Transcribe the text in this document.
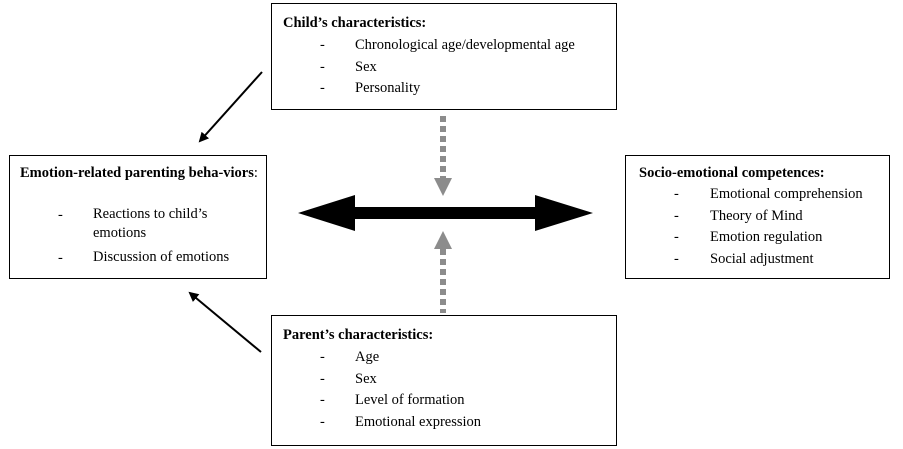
Child’s characteristics:
-	Chronological age/developmental age
-	Sex
-	Personality
Emotion-related parenting beha-viors:
-	Reactions to child’s emotions
-	Discussion of emotions
Socio-emotional competences:
-	Emotional comprehension
-	Theory of Mind
-	Emotion regulation
-	Social adjustment
Parent’s characteristics:
-	Age
-	Sex
-	Level of formation
-	Emotional expression
